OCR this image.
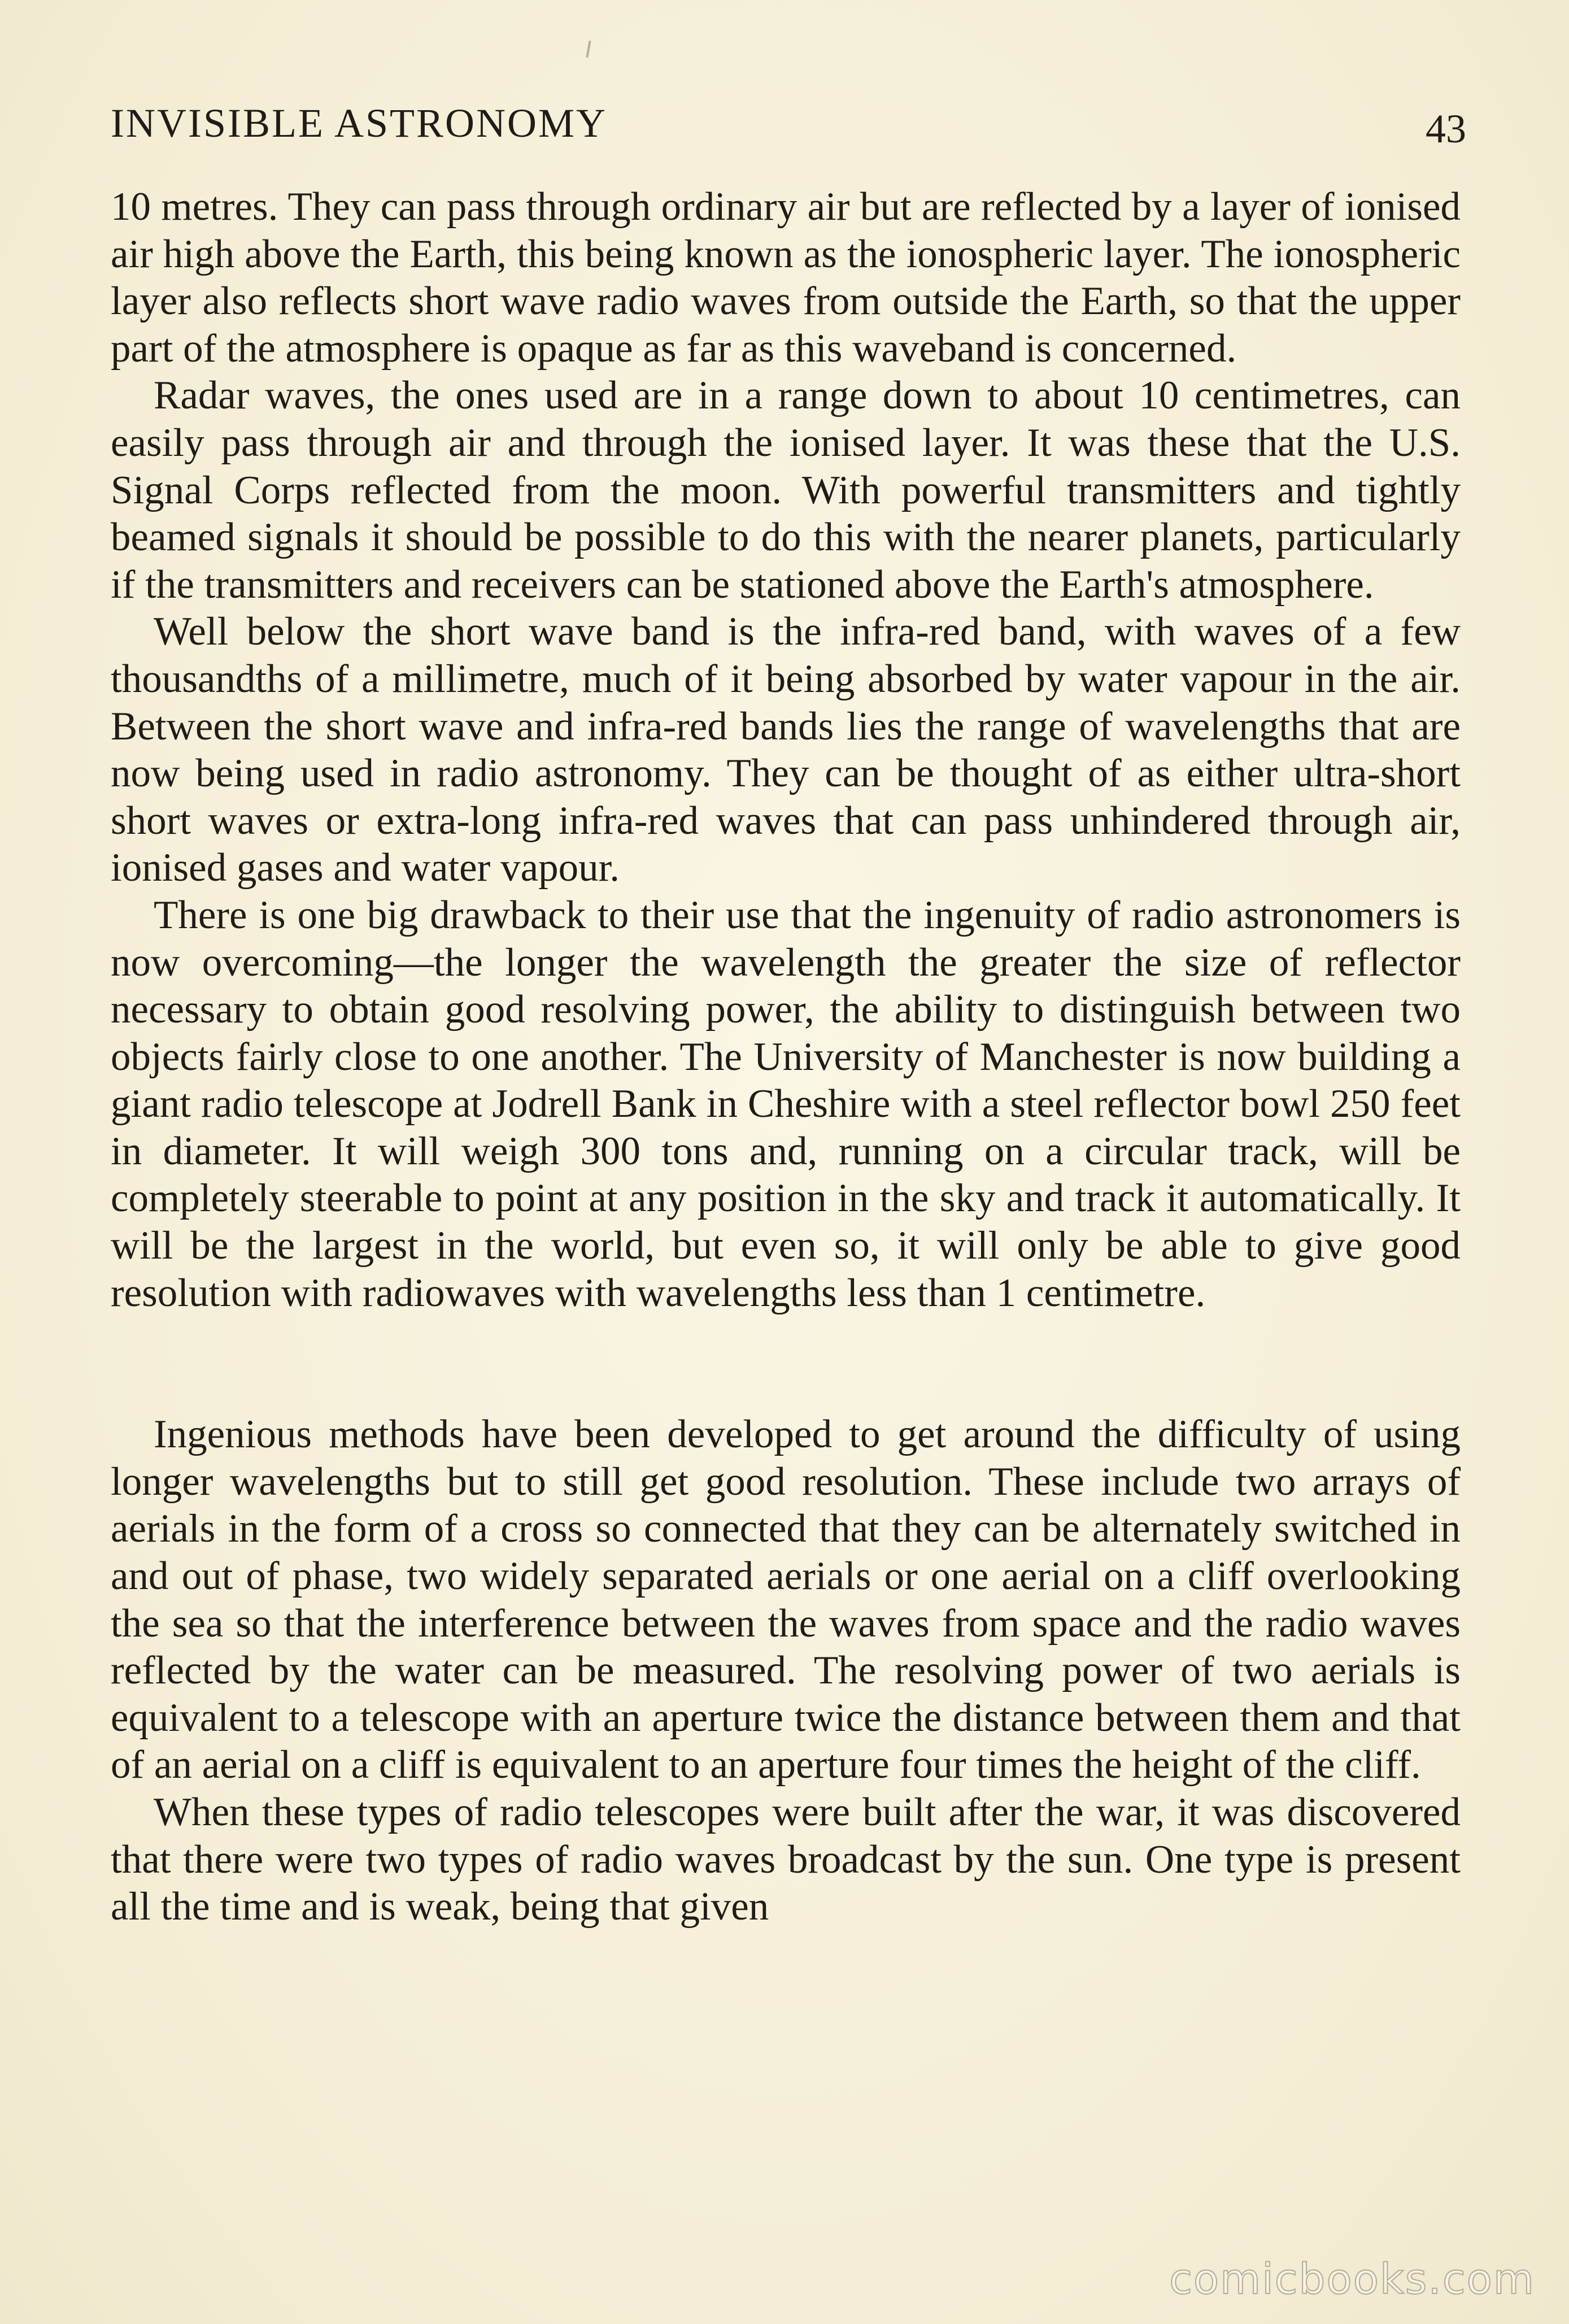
INVISIBLE ASTRONOMY	43

10 metres. They can pass through ordinary air but are reflected by a layer of ionised air high above the Earth, this being known as the ionospheric layer. The ionospheric layer also reflects short wave radio waves from outside the Earth, so that the upper part of the atmosphere is opaque as far as this waveband is concerned.

Radar waves, the ones used are in a range down to about 10 centimetres, can easily pass through air and through the ionised layer. It was these that the U.S. Signal Corps reflected from the moon. With powerful transmitters and tightly beamed signals it should be possible to do this with the nearer planets, particularly if the transmitters and receivers can be stationed above the Earth's atmosphere.

Well below the short wave band is the infra-red band, with waves of a few thousandths of a millimetre, much of it being absorbed by water vapour in the air. Between the short wave and infra-red bands lies the range of wavelengths that are now being used in radio astronomy. They can be thought of as either ultra-short short waves or extra-long infra-red waves that can pass unhindered through air, ionised gases and water vapour.

There is one big drawback to their use that the ingenuity of radio astronomers is now overcoming—the longer the wavelength the greater the size of reflector necessary to obtain good resolving power, the ability to distinguish between two objects fairly close to one another. The University of Manchester is now building a giant radio telescope at Jodrell Bank in Cheshire with a steel reflector bowl 250 feet in diameter. It will weigh 300 tons and, running on a circular track, will be completely steerable to point at any position in the sky and track it automatically. It will be the largest in the world, but even so, it will only be able to give good resolution with radiowaves with wavelengths less than 1 centimetre.

Ingenious methods have been developed to get around the difficulty of using longer wavelengths but to still get good resolution. These include two arrays of aerials in the form of a cross so connected that they can be alternately switched in and out of phase, two widely separated aerials or one aerial on a cliff overlooking the sea so that the interference between the waves from space and the radio waves reflected by the water can be measured. The resolving power of two aerials is equivalent to a telescope with an aperture twice the distance between them and that of an aerial on a cliff is equivalent to an aperture four times the height of the cliff.

When these types of radio telescopes were built after the war, it was discovered that there were two types of radio waves broadcast by the sun. One type is present all the time and is weak, being that given

comicbooks.com
